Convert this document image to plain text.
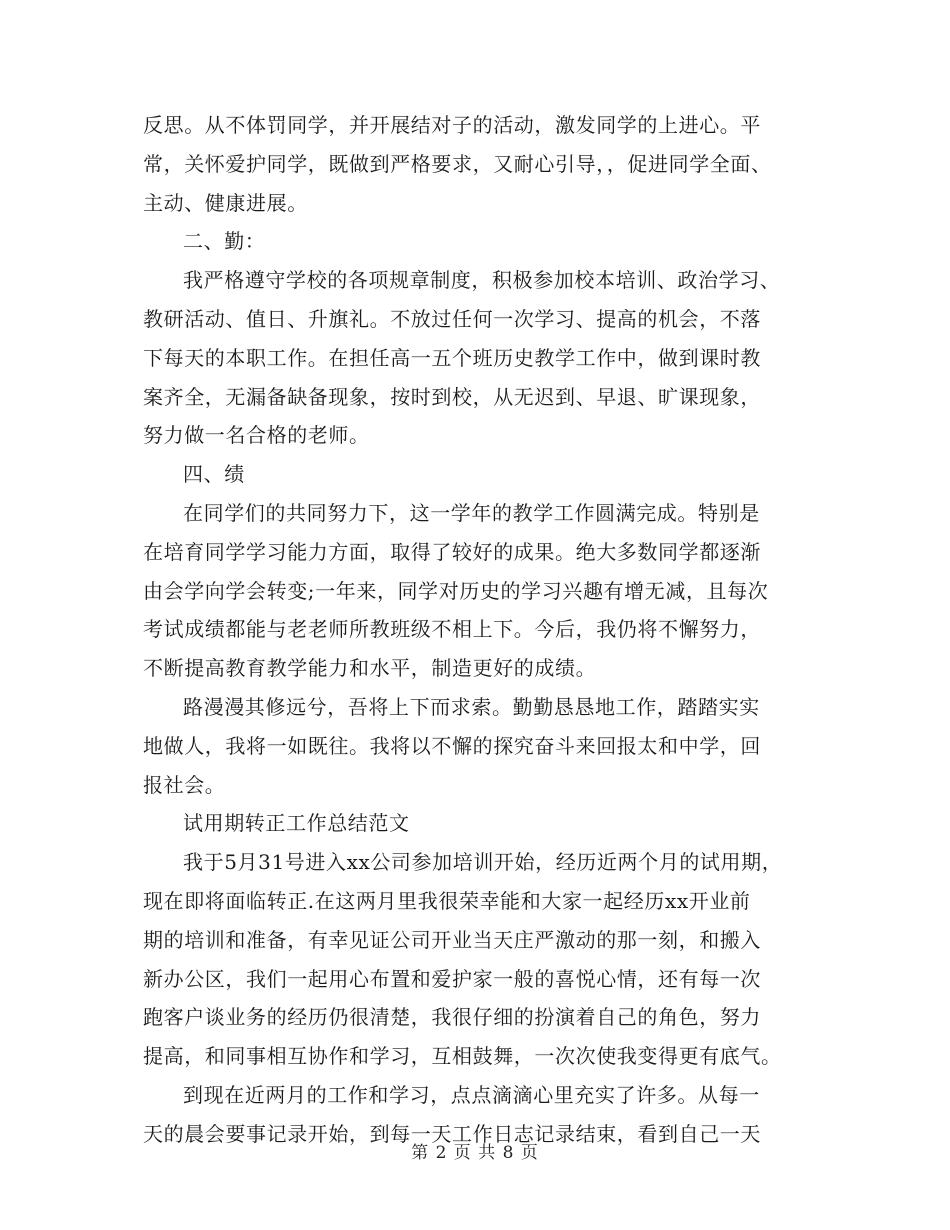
反思。从不体罚同学，并开展结对子的活动，激发同学的上进心。平
常，关怀爱护同学，既做到严格要求，又耐心引导，，促进同学全面、
主动、健康进展。
二、勤：
我严格遵守学校的各项规章制度，积极参加校本培训、政治学习、
教研活动、值日、升旗礼。不放过任何一次学习、提高的机会，不落
下每天的本职工作。在担任高一五个班历史教学工作中，做到课时教
案齐全，无漏备缺备现象，按时到校，从无迟到、早退、旷课现象，
努力做一名合格的老师。
四、绩
在同学们的共同努力下，这一学年的教学工作圆满完成。特别是
在培育同学学习能力方面，取得了较好的成果。绝大多数同学都逐渐
由会学向学会转变;一年来，同学对历史的学习兴趣有增无减，且每次
考试成绩都能与老老师所教班级不相上下。今后，我仍将不懈努力，
不断提高教育教学能力和水平，制造更好的成绩。
路漫漫其修远兮，吾将上下而求索。勤勤恳恳地工作，踏踏实实
地做人，我将一如既往。我将以不懈的探究奋斗来回报太和中学，回
报社会。
试用期转正工作总结范文
我于5月31号进入xx公司参加培训开始，经历近两个月的试用期，
现在即将面临转正.在这两月里我很荣幸能和大家一起经历xx开业前
期的培训和准备，有幸见证公司开业当天庄严激动的那一刻，和搬入
新办公区，我们一起用心布置和爱护家一般的喜悦心情，还有每一次
跑客户谈业务的经历仍很清楚，我很仔细的扮演着自己的角色，努力
提高，和同事相互协作和学习，互相鼓舞，一次次使我变得更有底气。
到现在近两月的工作和学习，点点滴滴心里充实了许多。从每一
天的晨会要事记录开始，到每一天工作日志记录结束，看到自己一天
第 2 页 共 8 页
